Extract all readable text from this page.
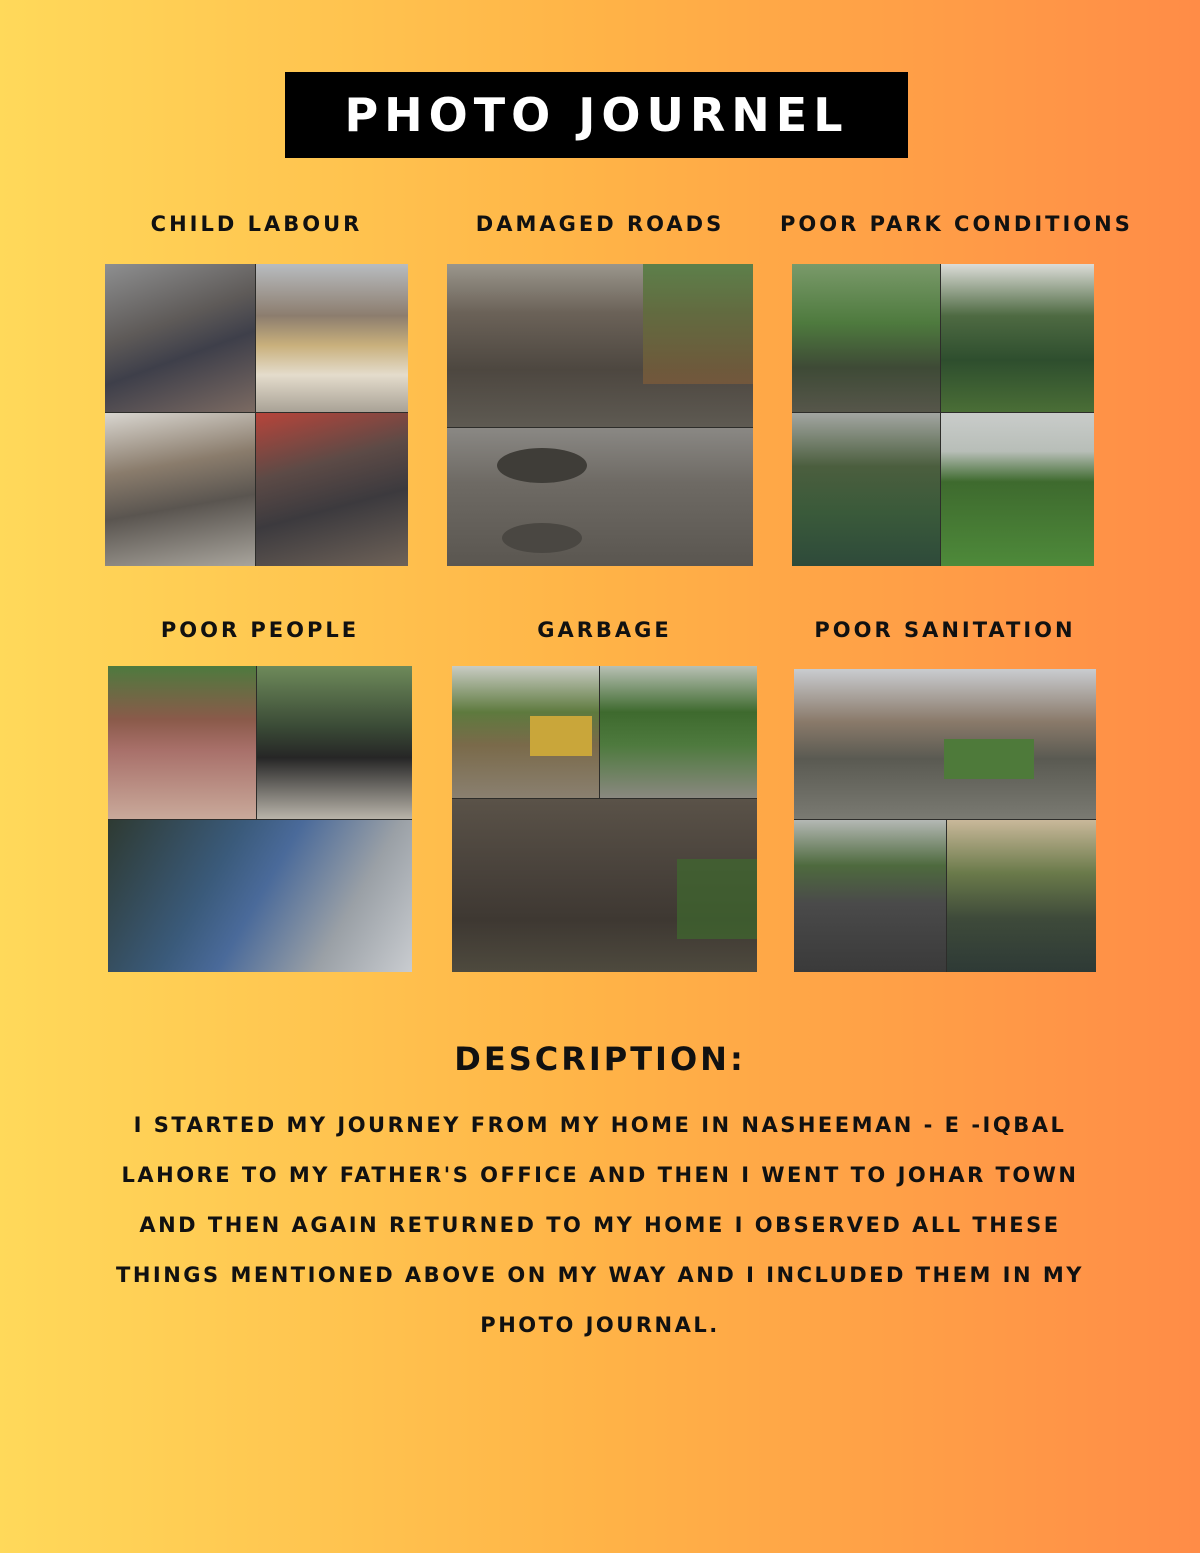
PHOTO JOURNEL
CHILD LABOUR	DAMAGED ROADS	POOR PARK CONDITIONS
POOR PEOPLE	GARBAGE	POOR SANITATION
DESCRIPTION:
I STARTED MY JOURNEY FROM MY HOME IN NASHEEMAN - E -IQBAL LAHORE TO MY FATHER'S OFFICE AND THEN I WENT TO JOHAR TOWN AND THEN AGAIN RETURNED TO MY HOME I OBSERVED ALL THESE THINGS MENTIONED ABOVE ON MY WAY AND I INCLUDED THEM IN MY PHOTO JOURNAL.
